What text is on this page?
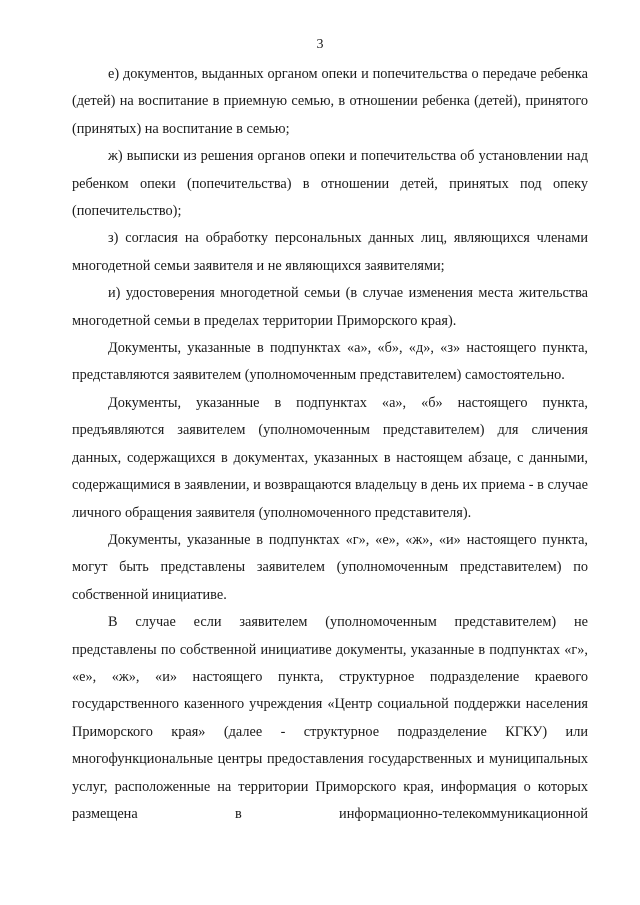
3

е) документов, выданных органом опеки и попечительства о передаче ребенка (детей) на воспитание в приемную семью, в отношении ребенка (детей), принятого (принятых) на воспитание в семью;

ж) выписки из решения органов опеки и попечительства об установлении над ребенком опеки (попечительства) в отношении детей, принятых под опеку (попечительство);

з) согласия на обработку персональных данных лиц, являющихся членами многодетной семьи заявителя и не являющихся заявителями;

и) удостоверения многодетной семьи (в случае изменения места жительства многодетной семьи в пределах территории Приморского края).

Документы, указанные в подпунктах «а», «б», «д», «з» настоящего пункта, представляются заявителем (уполномоченным представителем) самостоятельно.

Документы, указанные в подпунктах «а», «б» настоящего пункта, предъявляются заявителем (уполномоченным представителем) для сличения данных, содержащихся в документах, указанных в настоящем абзаце, с данными, содержащимися в заявлении, и возвращаются владельцу в день их приема - в случае личного обращения заявителя (уполномоченного представителя).

Документы, указанные в подпунктах «г», «е», «ж», «и» настоящего пункта, могут быть представлены заявителем (уполномоченным представителем) по собственной инициативе.

В случае если заявителем (уполномоченным представителем) не представлены по собственной инициативе документы, указанные в подпунктах «г», «е», «ж», «и» настоящего пункта, структурное подразделение краевого государственного казенного учреждения «Центр социальной поддержки населения Приморского края» (далее - структурное подразделение КГКУ) или многофункциональные центры предоставления государственных и муниципальных услуг, расположенные на территории Приморского края, информация о которых размещена в информационно-телекоммуникационной
